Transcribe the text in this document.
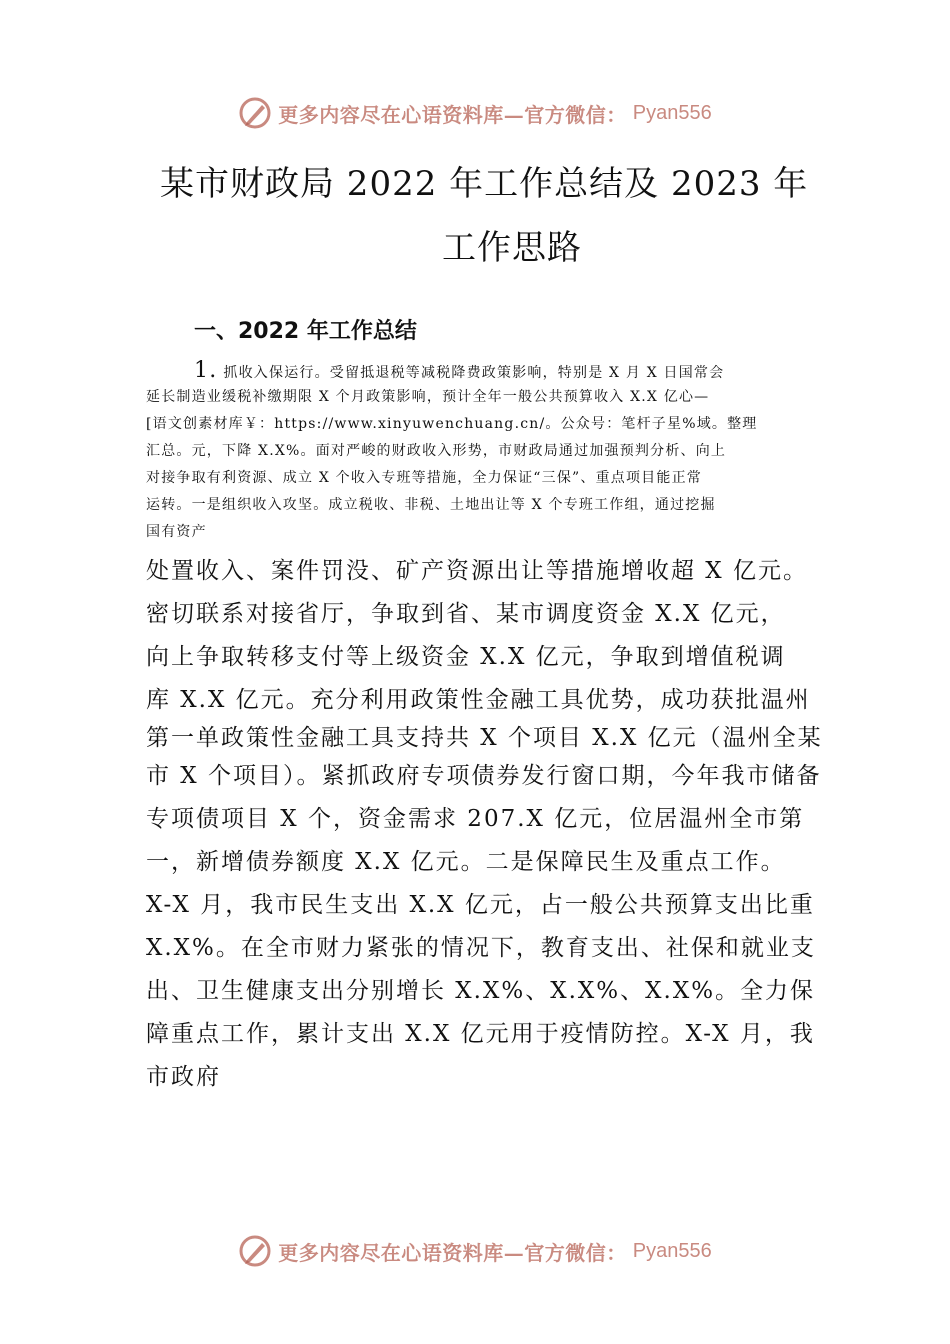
更多内容尽在心语资料库—官方微信： Pyan556
某市财政局 2022 年工作总结及 2023 年
工作思路
一、2022 年工作总结
1. 抓收入保运行。受留抵退税等减税降费政策影响，特别是 X 月 X 日国常会
延长制造业缓税补缴期限 X 个月政策影响，预计全年一般公共预算收入 X.X 亿心—
[语文创素材库￥：https://www.xinyuwenchuang.cn/。公众号：笔杆子星%域。整理
汇总。元，下降 X.X%。面对严峻的财政收入形势，市财政局通过加强预判分析、向上
对接争取有利资源、成立 X 个收入专班等措施，全力保证“三保”、重点项目能正常
运转。一是组织收入攻坚。成立税收、非税、土地出让等 X 个专班工作组，通过挖掘
国有资产
处置收入、案件罚没、矿产资源出让等措施增收超 X 亿元。
密切联系对接省厅，争取到省、某市调度资金 X.X 亿元，
向上争取转移支付等上级资金 X.X 亿元，争取到增值税调
库 X.X 亿元。充分利用政策性金融工具优势，成功获批温州
第一单政策性金融工具支持共 X 个项目 X.X 亿元（温州全某
市 X 个项目）。紧抓政府专项债券发行窗口期，今年我市储备
专项债项目 X 个，资金需求 207.X 亿元，位居温州全市第
一，新增债券额度 X.X 亿元。二是保障民生及重点工作。
X-X 月，我市民生支出 X.X 亿元，占一般公共预算支出比重
X.X%。在全市财力紧张的情况下，教育支出、社保和就业支
出、卫生健康支出分别增长 X.X%、X.X%、X.X%。全力保
障重点工作，累计支出 X.X 亿元用于疫情防控。X-X 月，我
市政府
更多内容尽在心语资料库—官方微信： Pyan556
